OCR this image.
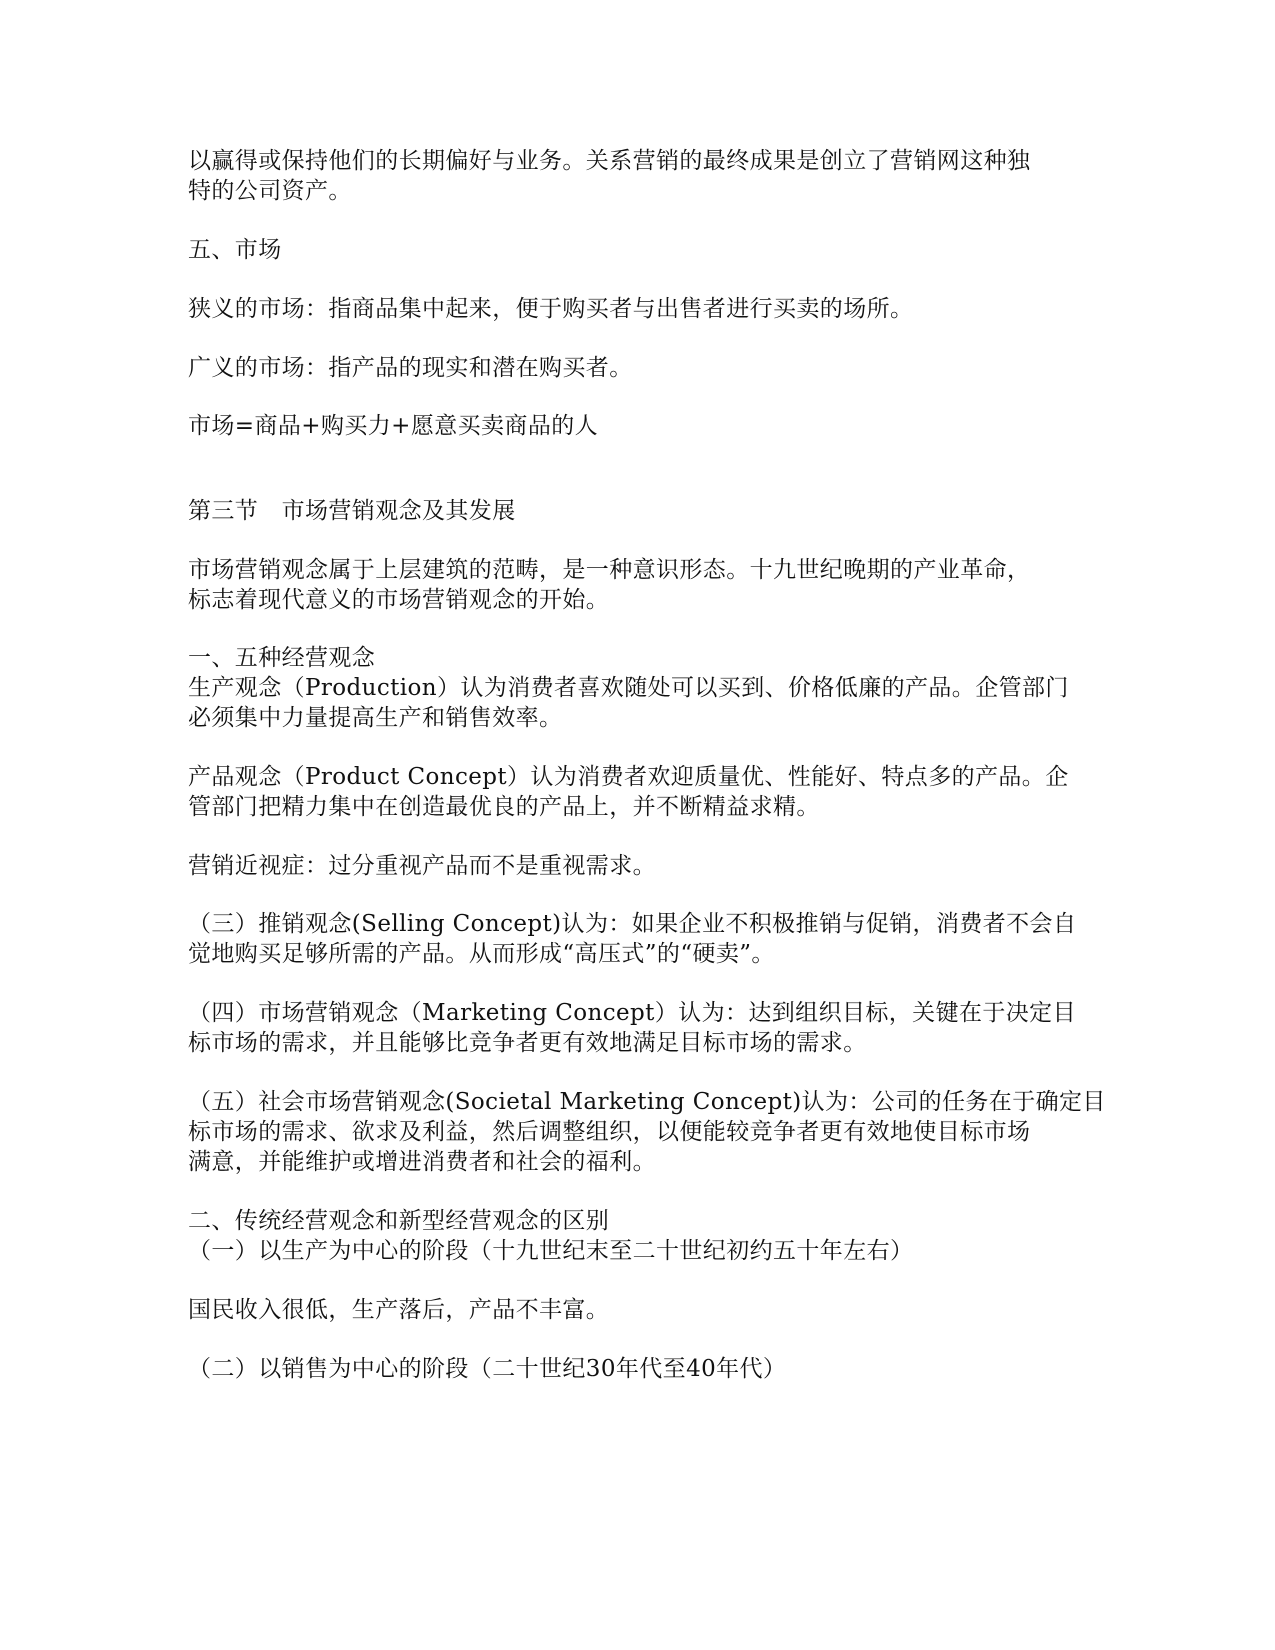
以赢得或保持他们的长期偏好与业务。关系营销的最终成果是创立了营销网这种独

特的公司资产。

五、市场

狭义的市场：指商品集中起来，便于购买者与出售者进行买卖的场所。

广义的市场：指产品的现实和潜在购买者。

市场=商品+购买力+愿意买卖商品的人

第三节　市场营销观念及其发展

市场营销观念属于上层建筑的范畴，是一种意识形态。十九世纪晚期的产业革命，

标志着现代意义的市场营销观念的开始。

一、五种经营观念

生产观念（Production）认为消费者喜欢随处可以买到、价格低廉的产品。企管部门

必须集中力量提高生产和销售效率。

产品观念（Product Concept）认为消费者欢迎质量优、性能好、特点多的产品。企

管部门把精力集中在创造最优良的产品上，并不断精益求精。

营销近视症：过分重视产品而不是重视需求。

（三）推销观念(Selling Concept)认为：如果企业不积极推销与促销，消费者不会自

觉地购买足够所需的产品。从而形成“高压式”的“硬卖”。

（四）市场营销观念（Marketing Concept）认为：达到组织目标，关键在于决定目

标市场的需求，并且能够比竞争者更有效地满足目标市场的需求。

（五）社会市场营销观念(Societal Marketing Concept)认为：公司的任务在于确定目

标市场的需求、欲求及利益，然后调整组织，以便能较竞争者更有效地使目标市场

满意，并能维护或增进消费者和社会的福利。

二、传统经营观念和新型经营观念的区别

（一）以生产为中心的阶段（十九世纪末至二十世纪初约五十年左右）

国民收入很低，生产落后，产品不丰富。

（二）以销售为中心的阶段（二十世纪30年代至40年代）
